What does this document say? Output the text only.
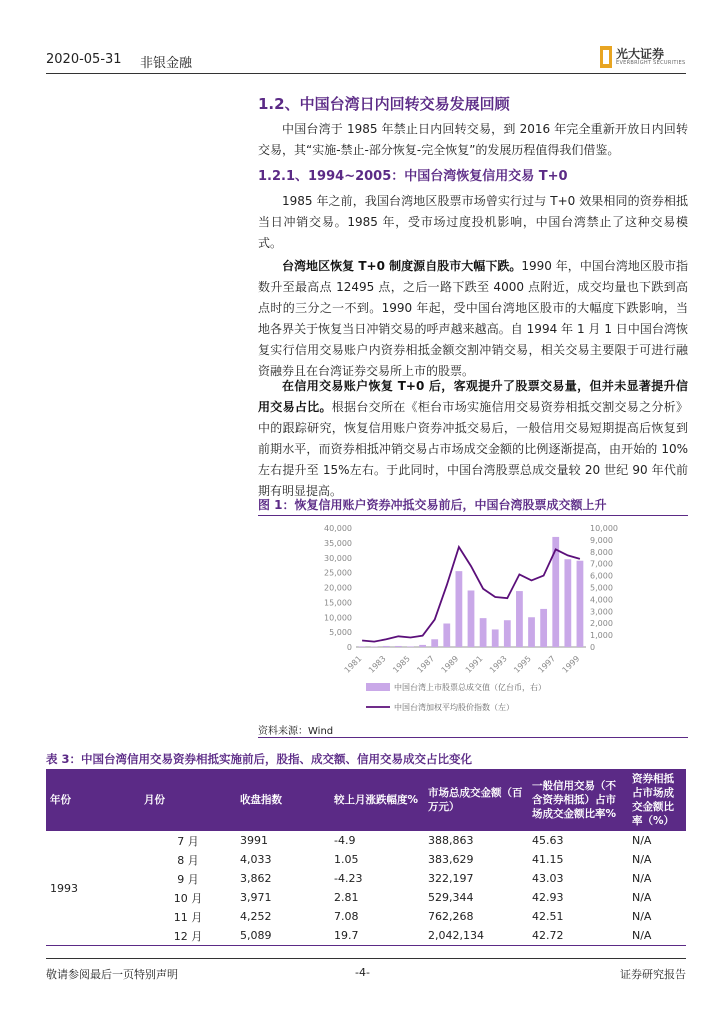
2020-05-31 非银金融
光大证券
EVERBRIGHT SECURITIES
1.2、中国台湾日内回转交易发展回顾
中国台湾于 1985 年禁止日内回转交易，到 2016 年完全重新开放日内回转交易，其“实施-禁止-部分恢复-完全恢复”的发展历程值得我们借鉴。
1.2.1、1994~2005：中国台湾恢复信用交易 T+0
1985 年之前，我国台湾地区股票市场曾实行过与 T+0 效果相同的资券相抵当日冲销交易。1985 年，受市场过度投机影响，中国台湾禁止了这种交易模式。
台湾地区恢复 T+0 制度源自股市大幅下跌。1990 年，中国台湾地区股市指数升至最高点 12495 点，之后一路下跌至 4000 点附近，成交均量也下跌到高点时的三分之一不到。1990 年起，受中国台湾地区股市的大幅度下跌影响，当地各界关于恢复当日冲销交易的呼声越来越高。自 1994 年 1 月 1 日中国台湾恢复实行信用交易账户内资券相抵金额交割冲销交易，相关交易主要限于可进行融资融券且在台湾证券交易所上市的股票。
在信用交易账户恢复 T+0 后，客观提升了股票交易量，但并未显著提升信用交易占比。根据台交所在《柜台市场实施信用交易资券相抵交割交易之分析》中的跟踪研究，恢复信用账户资券冲抵交易后，一般信用交易短期提高后恢复到前期水平，而资券相抵冲销交易占市场成交金额的比例逐渐提高，由开始的 10%左右提升至 15%左右。于此同时，中国台湾股票总成交量较 20 世纪 90 年代前期有明显提高。
图 1：恢复信用账户资券冲抵交易前后，中国台湾股票成交额上升
40,000
35,000
30,000
25,000
20,000
15,000
10,000
5,000
0
10,000
9,000
8,000
7,000
6,000
5,000
4,000
3,000
2,000
1,000
0
1981 1983 1985 1987 1989 1991 1993 1995 1997 1999
中国台湾上市股票总成交值（亿台币，右）
中国台湾加权平均股价指数（左）
资料来源：Wind
表 3：中国台湾信用交易资券相抵实施前后，股指、成交额、信用交易成交占比变化
年份	月份	收盘指数	较上月涨跌幅度%	市场总成交金额（百万元）	一般信用交易（不含资券相抵）占市场成交金额比率%	资券相抵占市场成交金额比率（%）
1993	7 月	3991	-4.9	388,863	45.63	N/A
	8 月	4,033	1.05	383,629	41.15	N/A
	9 月	3,862	-4.23	322,197	43.03	N/A
	10 月	3,971	2.81	529,344	42.93	N/A
	11 月	4,252	7.08	762,268	42.51	N/A
	12 月	5,089	19.7	2,042,134	42.72	N/A
敬请参阅最后一页特别声明	-4-	证券研究报告
